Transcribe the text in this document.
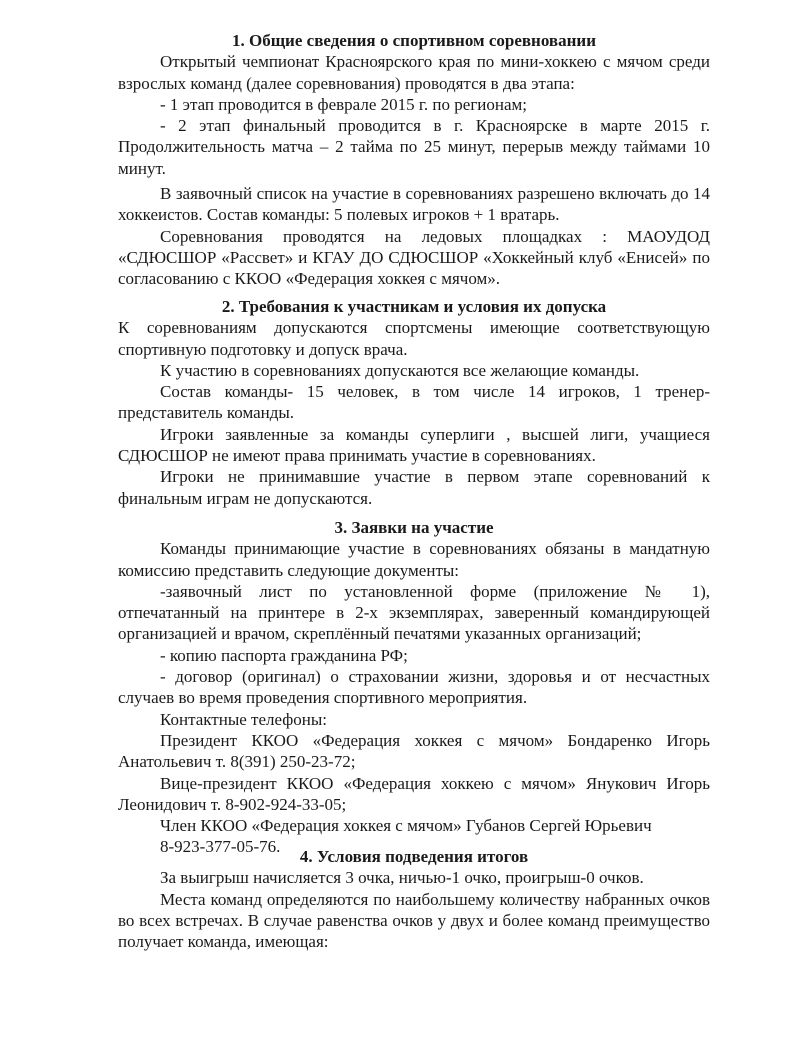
1. Общие сведения о спортивном соревновании

Открытый чемпионат Красноярского края по мини-хоккею с мячом среди взрослых команд (далее соревнования) проводятся в два этапа:

- 1 этап проводится в феврале 2015 г. по регионам;

- 2 этап финальный проводится в г. Красноярске в марте 2015 г. Продолжительность матча – 2 тайма по 25 минут, перерыв между таймами 10 минут.

В заявочный список на участие в соревнованиях разрешено включать до 14 хоккеистов. Состав команды: 5 полевых игроков + 1 вратарь.

Соревнования проводятся на ледовых площадках : МАОУДОД «СДЮСШОР «Рассвет» и КГАУ ДО СДЮСШОР «Хоккейный клуб «Енисей» по согласованию с ККОО «Федерация хоккея с мячом».

2. Требования к участникам и условия их допуска

К соревнованиям допускаются спортсмены имеющие соответствующую спортивную подготовку и допуск врача.

К участию в соревнованиях допускаются все желающие команды.

Состав команды- 15 человек, в том числе 14 игроков, 1 тренер-представитель команды.

Игроки заявленные за команды суперлиги , высшей лиги, учащиеся СДЮСШОР не имеют права принимать участие в соревнованиях.

Игроки не принимавшие участие в первом этапе соревнований к финальным играм не допускаются.

3. Заявки на участие

Команды принимающие участие в соревнованиях обязаны в мандатную комиссию представить следующие документы:

-заявочный лист по установленной форме (приложение № 1), отпечатанный на принтере в 2-х экземплярах, заверенный командирующей организацией и врачом, скреплённый печатями указанных организаций;

- копию паспорта гражданина РФ;

- договор (оригинал) о страховании жизни, здоровья и от несчастных случаев во время проведения спортивного мероприятия.

Контактные телефоны:

Президент ККОО «Федерация хоккея с мячом» Бондаренко Игорь Анатольевич т. 8(391) 250-23-72;

Вице-президент ККОО «Федерация хоккею с мячом» Янукович Игорь Леонидович т. 8-902-924-33-05;

Член ККОО «Федерация хоккея с мячом» Губанов Сергей Юрьевич

8-923-377-05-76.

4. Условия подведения итогов

За выигрыш начисляется 3 очка, ничью-1 очко, проигрыш-0 очков.

Места команд определяются по наибольшему количеству набранных очков во всех встречах. В случае равенства очков у двух и более команд преимущество получает команда, имеющая:
